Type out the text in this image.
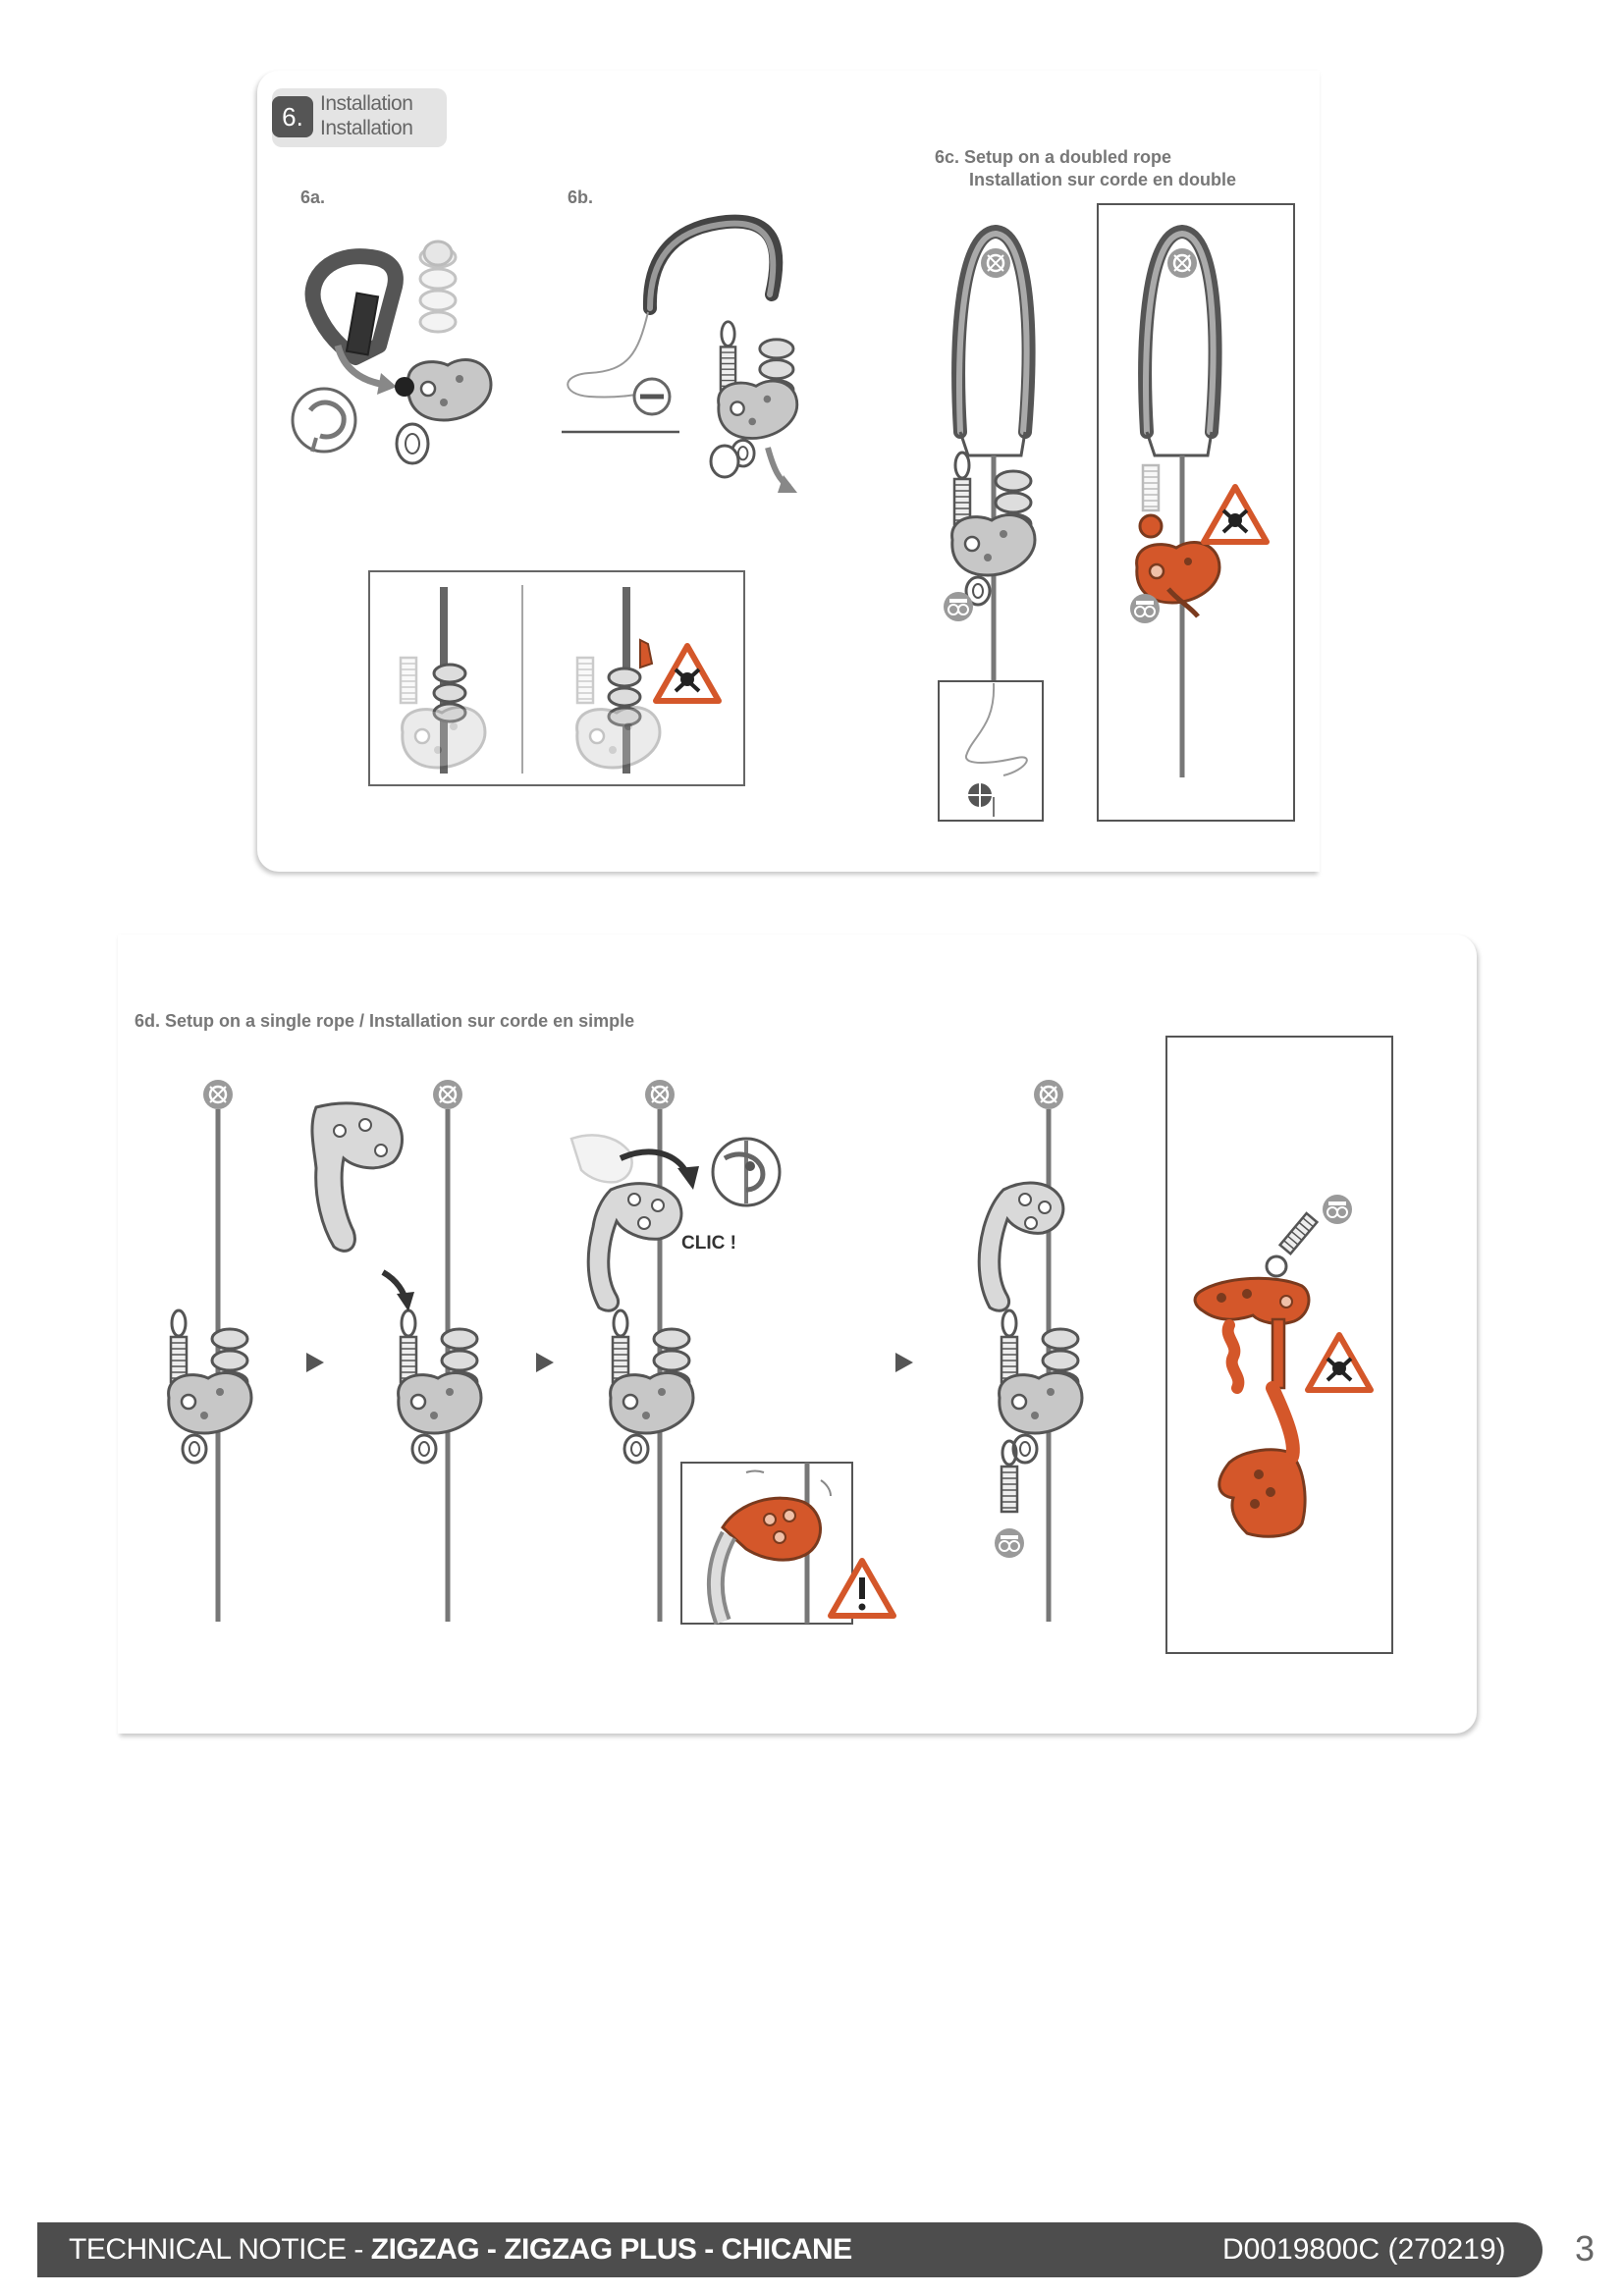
6. Installation
Installation
6a.	6b.
6c. Setup on a doubled rope
Installation sur corde en double
6d. Setup on a single rope / Installation sur corde en simple
CLIC !
TECHNICAL NOTICE - ZIGZAG - ZIGZAG PLUS - CHICANE	D0019800C (270219) 3
